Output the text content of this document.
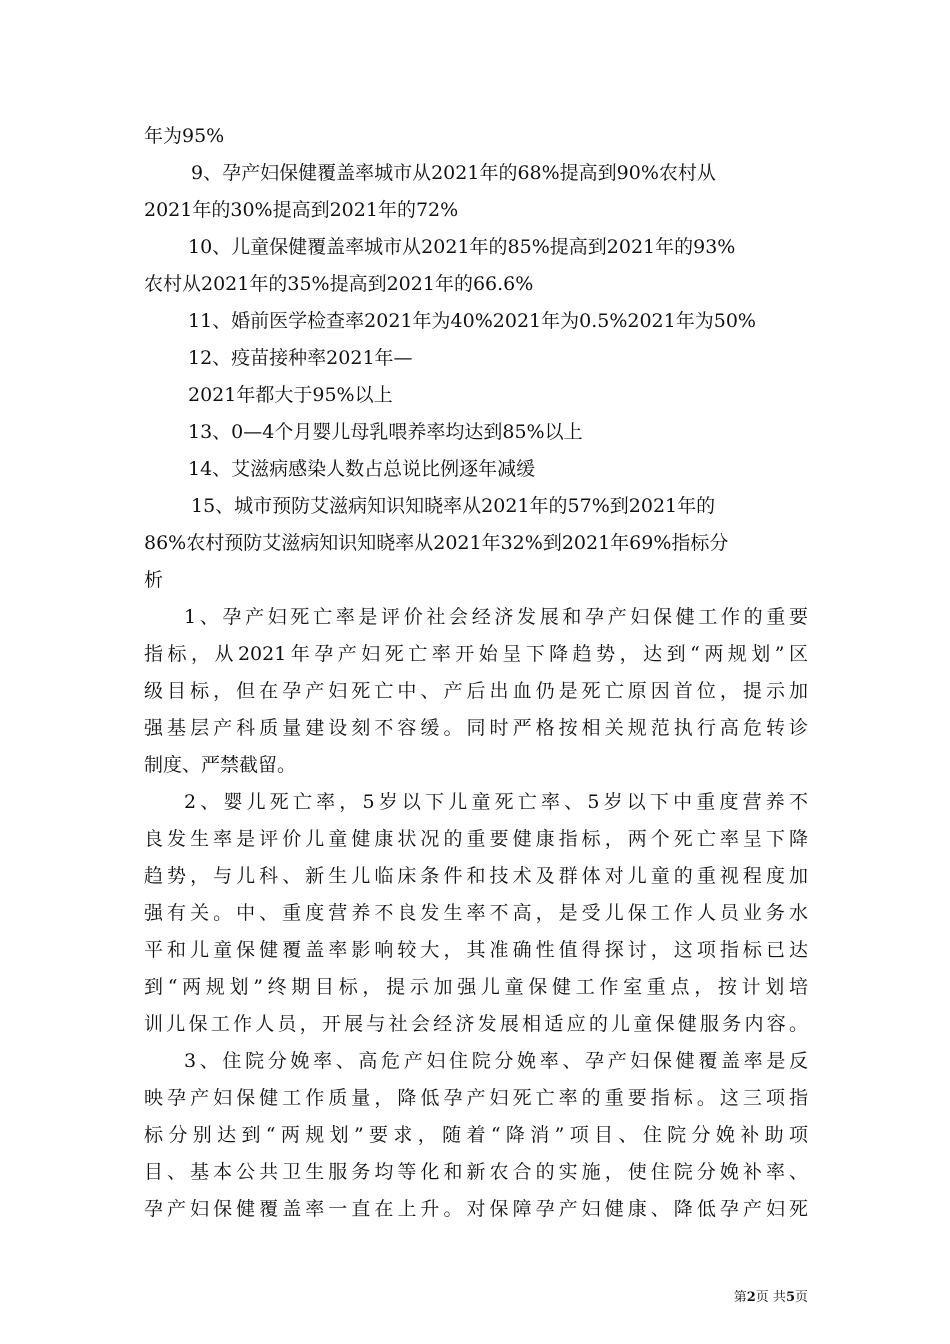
年为95%
9、孕产妇保健覆盖率城市从2021年的68%提高到90%农村从
2021年的30%提高到2021年的72%
10、儿童保健覆盖率城市从2021年的85%提高到2021年的93%
农村从2021年的35%提高到2021年的66.6%
11、婚前医学检查率2021年为40%2021年为0.5%2021年为50%
12、疫苗接种率2021年—
2021年都大于95%以上
13、0—4个月婴儿母乳喂养率均达到85%以上
14、艾滋病感染人数占总说比例逐年减缓
15、城市预防艾滋病知识知晓率从2021年的57%到2021年的
86%农村预防艾滋病知识知晓率从2021年32%到2021年69%指标分
析
1、孕产妇死亡率是评价社会经济发展和孕产妇保健工作的重要
指标，从2021年孕产妇死亡率开始呈下降趋势，达到“两规划”区
级目标，但在孕产妇死亡中、产后出血仍是死亡原因首位，提示加
强基层产科质量建设刻不容缓。同时严格按相关规范执行高危转诊
制度、严禁截留。
2、婴儿死亡率，5岁以下儿童死亡率、5岁以下中重度营养不
良发生率是评价儿童健康状况的重要健康指标，两个死亡率呈下降
趋势，与儿科、新生儿临床条件和技术及群体对儿童的重视程度加
强有关。中、重度营养不良发生率不高，是受儿保工作人员业务水
平和儿童保健覆盖率影响较大，其准确性值得探讨，这项指标已达
到“两规划”终期目标，提示加强儿童保健工作室重点，按计划培
训儿保工作人员，开展与社会经济发展相适应的儿童保健服务内容。
3、住院分娩率、高危产妇住院分娩率、孕产妇保健覆盖率是反
映孕产妇保健工作质量，降低孕产妇死亡率的重要指标。这三项指
标分别达到“两规划”要求，随着“降消”项目、住院分娩补助项
目、基本公共卫生服务均等化和新农合的实施，使住院分娩补率、
孕产妇保健覆盖率一直在上升。对保障孕产妇健康、降低孕产妇死
第2页 共5页
